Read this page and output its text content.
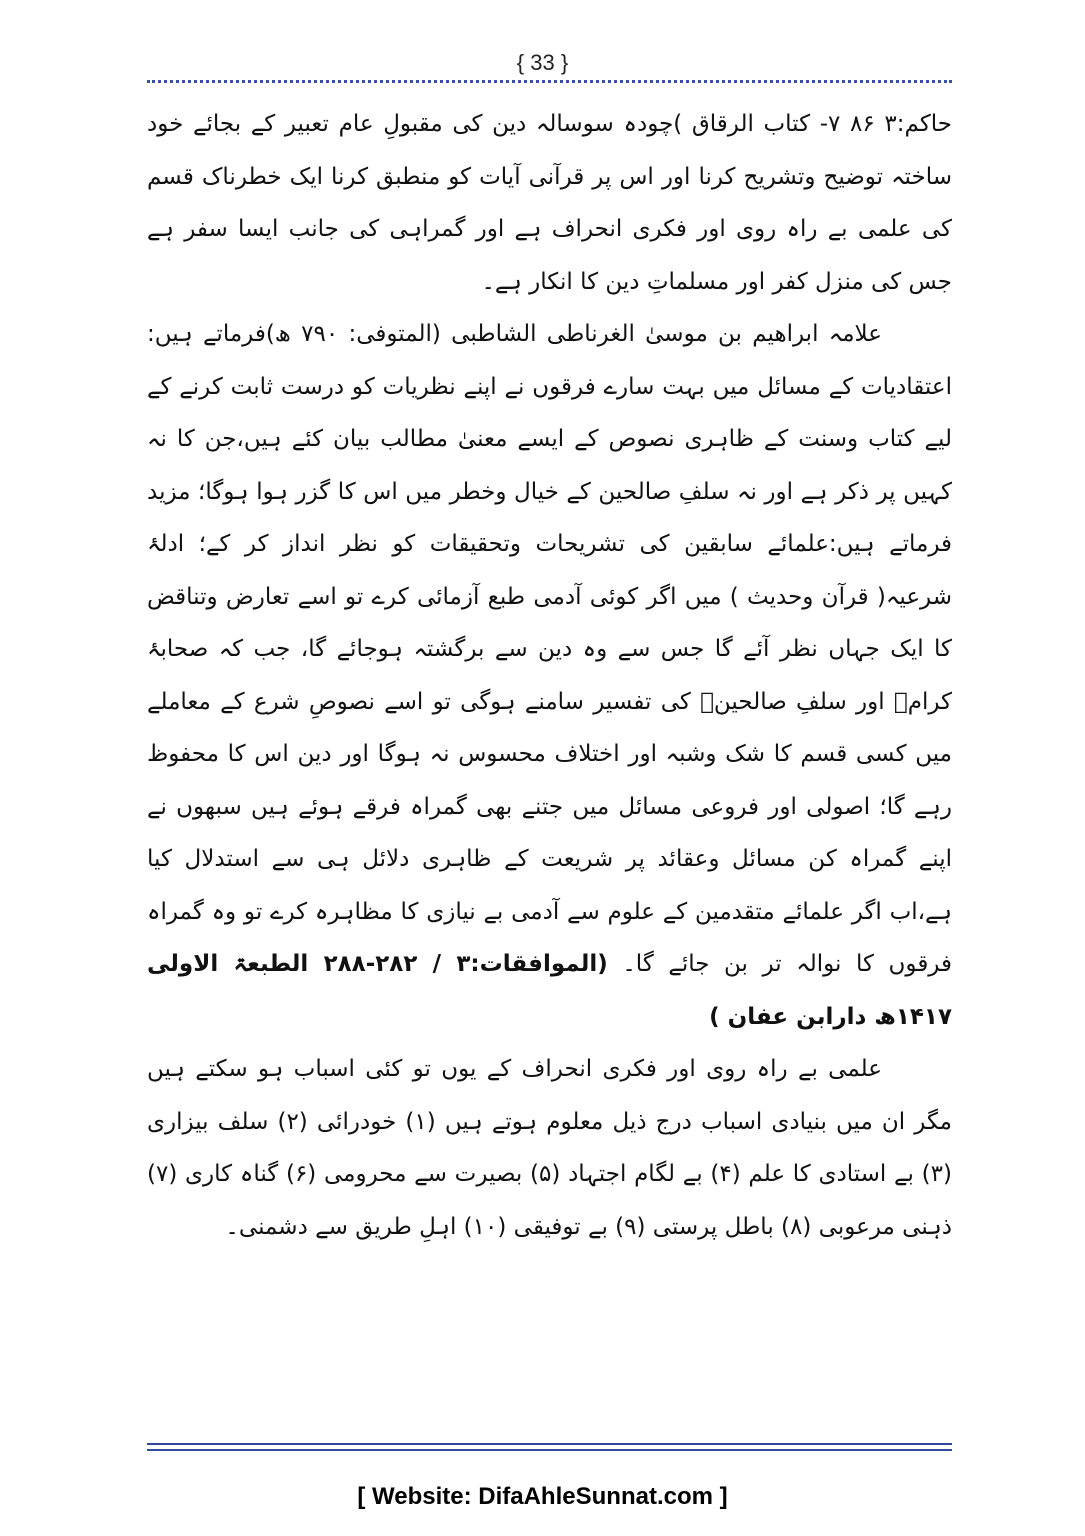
{ 33 }

حاکم:۳ ۸۶ ۷- کتاب الرقاق )چودہ سوسالہ دین کی مقبولِ عام تعبیر کے بجائے خود ساختہ توضیح وتشریح کرنا اور اس پر قرآنی آیات کو منطبق کرنا ایک خطرناک قسم کی علمی بے راہ روی اور فکری انحراف ہے اور گمراہی کی جانب ایسا سفر ہے جس کی منزل کفر اور مسلماتِ دین کا انکار ہے۔

علامہ ابراھیم بن موسیٰ الغرناطی الشاطبی (المتوفی: ۷۹۰ ھ)فرماتے ہیں: اعتقادیات کے مسائل میں بہت سارے فرقوں نے اپنے نظریات کو درست ثابت کرنے کے لیے کتاب وسنت کے ظاہری نصوص کے ایسے معنیٰ مطالب بیان کئے ہیں،جن کا نہ کہیں پر ذکر ہے اور نہ سلفِ صالحین کے خیال وخطر میں اس کا گزر ہوا ہوگا؛ مزید فرماتے ہیں:علمائے سابقین کی تشریحات وتحقیقات کو نظر انداز کر کے؛ ادلۂ شرعیہ( قرآن وحدیث ) میں اگر کوئی آدمی طبع آزمائی کرے تو اسے تعارض وتناقض کا ایک جہاں نظر آئے گا جس سے وہ دین سے برگشتہ ہوجائے گا، جب کہ صحابۂ کرامؓ اور سلفِ صالحینؒ کی تفسیر سامنے ہوگی تو اسے نصوصِ شرع کے معاملے میں کسی قسم کا شک وشبہ اور اختلاف محسوس نہ ہوگا اور دین اس کا محفوظ رہے گا؛ اصولی اور فروعی مسائل میں جتنے بھی گمراہ فرقے ہوئے ہیں سبھوں نے اپنے گمراہ کن مسائل وعقائد پر شریعت کے ظاہری دلائل ہی سے استدلال کیا ہے،اب اگر علمائے متقدمین کے علوم سے آدمی بے نیازی کا مظاہرہ کرے تو وہ گمراہ فرقوں کا نوالہ تر بن جائے گا۔ (الموافقات:۳ / ۲۸۲-۲۸۸ الطبعۃ الاولی ۱۴۱۷ھ دارابن عفان )

علمی بے راہ روی اور فکری انحراف کے یوں تو کئی اسباب ہو سکتے ہیں مگر ان میں بنیادی اسباب درج ذیل معلوم ہوتے ہیں (۱) خودرائی (۲) سلف بیزاری (۳) بے استادی کا علم (۴) بے لگام اجتہاد (۵) بصیرت سے محرومی (۶) گناہ کاری (۷) ذہنی مرعوبی (۸) باطل پرستی (۹) بے توفیقی (۱۰) اہلِ طریق سے دشمنی۔

[ Website: DifaAhleSunnat.com ]
